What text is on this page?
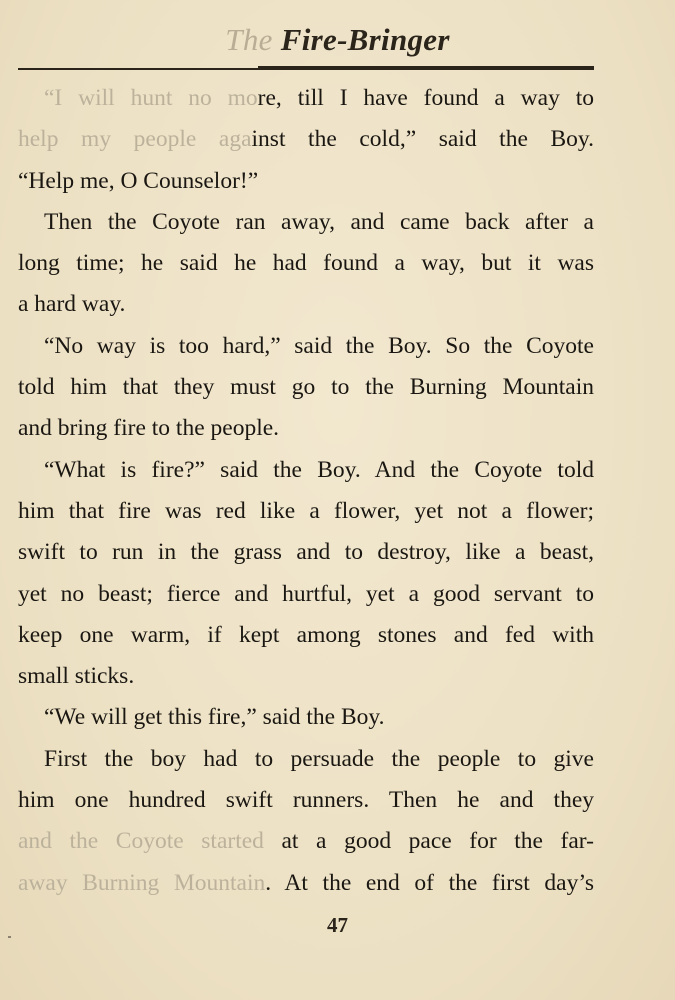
The Fire-Bringer
“I will hunt no more, till I have found a way to
help my people against the cold,” said the Boy.
“Help me, O Counselor!”
Then the Coyote ran away, and came back after a
long time; he said he had found a way, but it was
a hard way.
“No way is too hard,” said the Boy. So the Coyote
told him that they must go to the Burning Mountain
and bring fire to the people.
“What is fire?” said the Boy. And the Coyote told
him that fire was red like a flower, yet not a flower;
swift to run in the grass and to destroy, like a beast,
yet no beast; fierce and hurtful, yet a good servant to
keep one warm, if kept among stones and fed with
small sticks.
“We will get this fire,” said the Boy.
First the boy had to persuade the people to give
him one hundred swift runners. Then he and they
and the Coyote started at a good pace for the far-
away Burning Mountain. At the end of the first day’s
47
